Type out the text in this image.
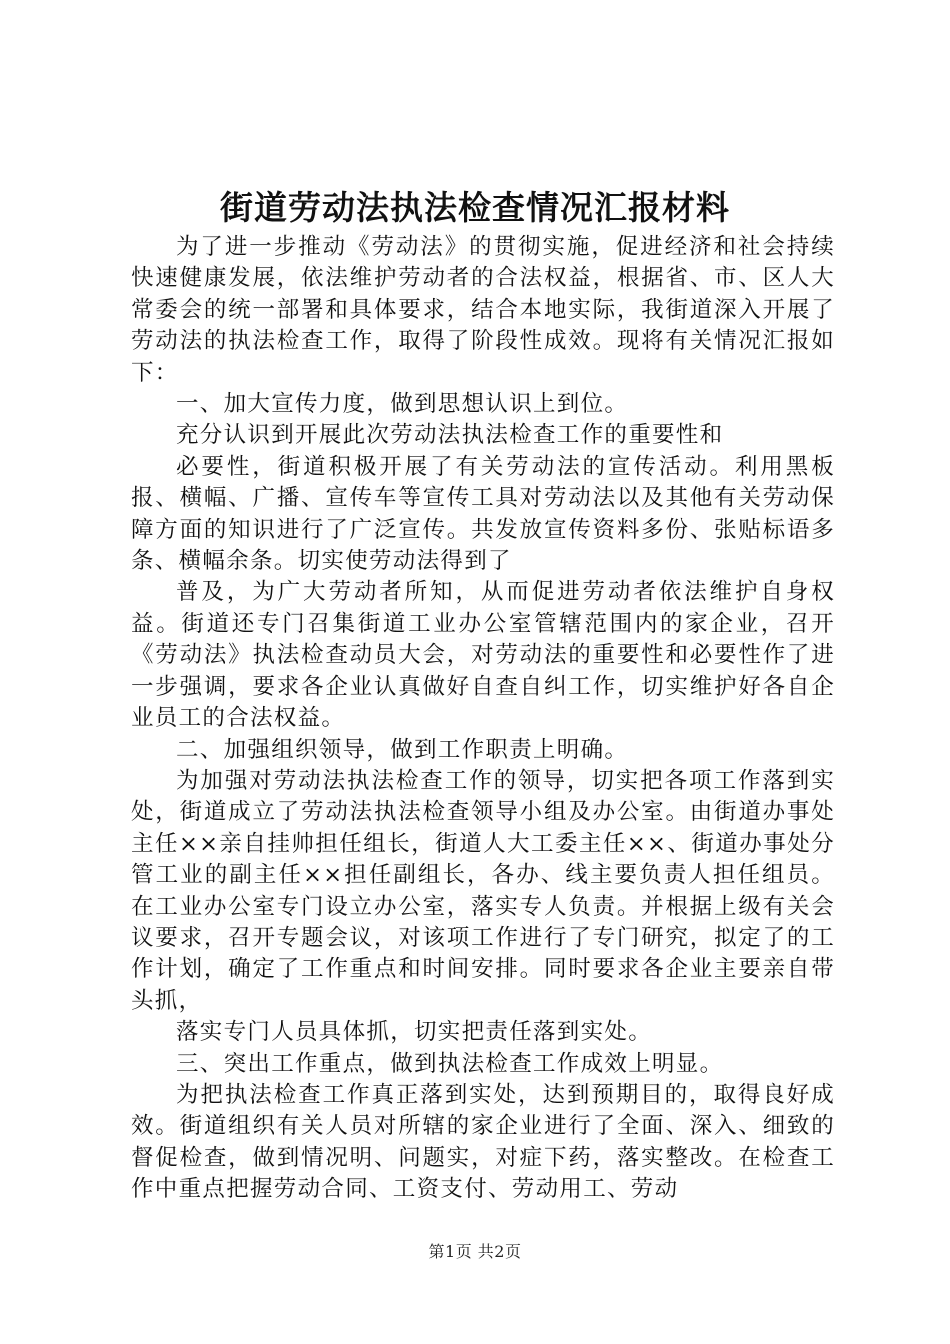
街道劳动法执法检查情况汇报材料

为了进一步推动《劳动法》的贯彻实施，促进经济和社会持续快速健康发展，依法维护劳动者的合法权益，根据省、市、区人大常委会的统一部署和具体要求，结合本地实际，我街道深入开展了劳动法的执法检查工作，取得了阶段性成效。现将有关情况汇报如下：

一、加大宣传力度，做到思想认识上到位。

充分认识到开展此次劳动法执法检查工作的重要性和

必要性，街道积极开展了有关劳动法的宣传活动。利用黑板报、横幅、广播、宣传车等宣传工具对劳动法以及其他有关劳动保障方面的知识进行了广泛宣传。共发放宣传资料多份、张贴标语多条、横幅余条。切实使劳动法得到了

普及，为广大劳动者所知，从而促进劳动者依法维护自身权益。街道还专门召集街道工业办公室管辖范围内的家企业，召开《劳动法》执法检查动员大会，对劳动法的重要性和必要性作了进一步强调，要求各企业认真做好自查自纠工作，切实维护好各自企业员工的合法权益。

二、加强组织领导，做到工作职责上明确。

为加强对劳动法执法检查工作的领导，切实把各项工作落到实处，街道成立了劳动法执法检查领导小组及办公室。由街道办事处主任××亲自挂帅担任组长，街道人大工委主任××、街道办事处分管工业的副主任××担任副组长，各办、线主要负责人担任组员。在工业办公室专门设立办公室，落实专人负责。并根据上级有关会议要求，召开专题会议，对该项工作进行了专门研究，拟定了的工作计划，确定了工作重点和时间安排。同时要求各企业主要亲自带头抓，

落实专门人员具体抓，切实把责任落到实处。

三、突出工作重点，做到执法检查工作成效上明显。

为把执法检查工作真正落到实处，达到预期目的，取得良好成效。街道组织有关人员对所辖的家企业进行了全面、深入、细致的督促检查，做到情况明、问题实，对症下药，落实整改。在检查工作中重点把握劳动合同、工资支付、劳动用工、劳动

第1页 共2页
